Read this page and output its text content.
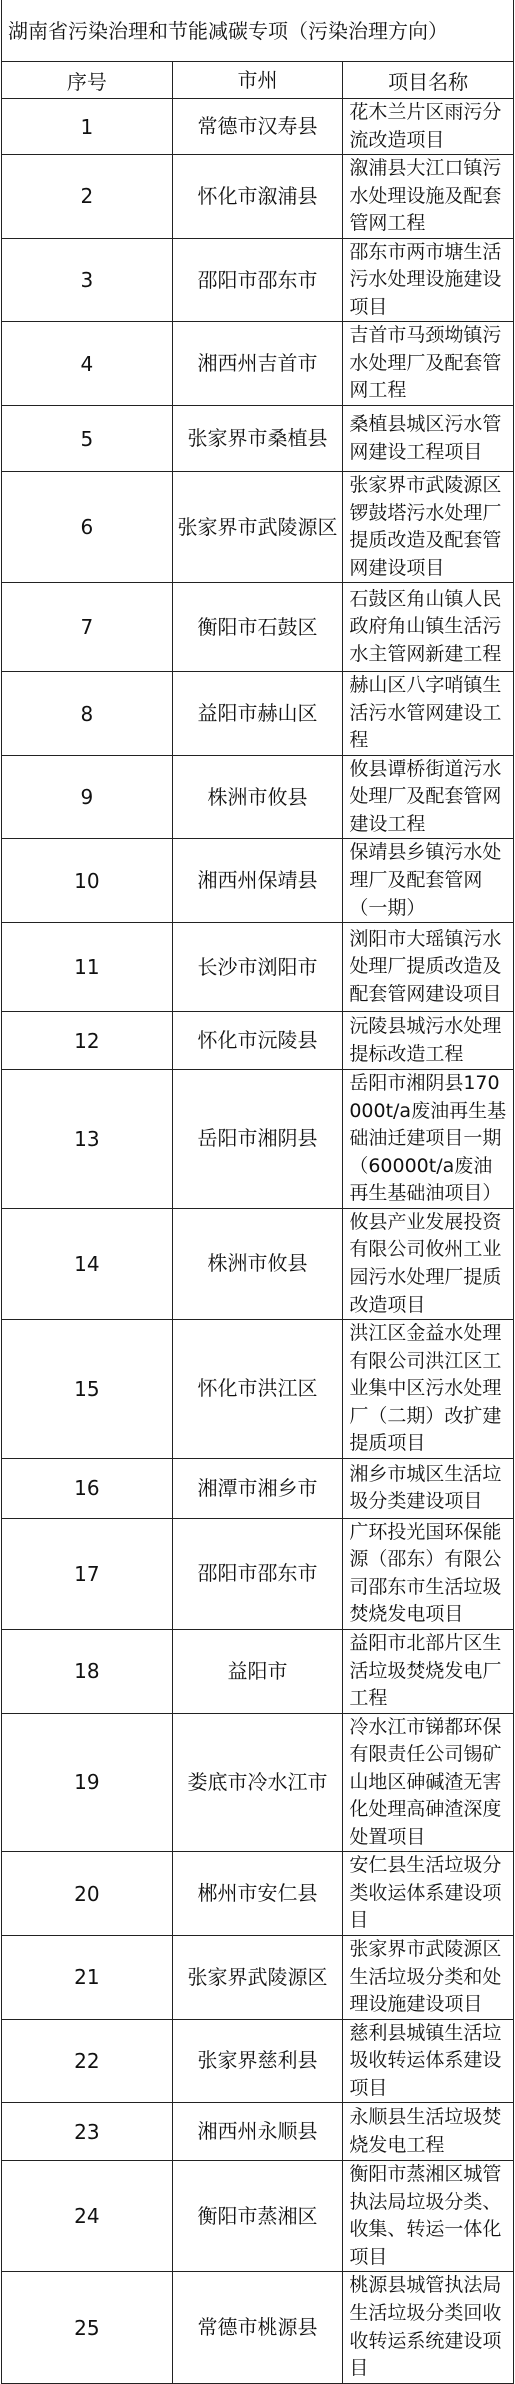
湖南省污染治理和节能减碳专项（污染治理方向）		
序号	市州	项目名称
1	常德市汉寿县	花木兰片区雨污分流改造项目
2	怀化市溆浦县	溆浦县大江口镇污水处理设施及配套管网工程
3	邵阳市邵东市	邵东市两市塘生活污水处理设施建设项目
4	湘西州吉首市	吉首市马颈坳镇污水处理厂及配套管网工程
5	张家界市桑植县	桑植县城区污水管网建设工程项目
6	张家界市武陵源区	张家界市武陵源区锣鼓塔污水处理厂提质改造及配套管网建设项目
7	衡阳市石鼓区	石鼓区角山镇人民政府角山镇生活污水主管网新建工程
8	益阳市赫山区	赫山区八字哨镇生活污水管网建设工程
9	株洲市攸县	攸县谭桥街道污水处理厂及配套管网建设工程
10	湘西州保靖县	保靖县乡镇污水处理厂及配套管网（一期）
11	长沙市浏阳市	浏阳市大瑶镇污水处理厂提质改造及配套管网建设项目
12	怀化市沅陵县	沅陵县城污水处理提标改造工程
13	岳阳市湘阴县	岳阳市湘阴县170000t/a废油再生基础油迁建项目一期（60000t/a废油再生基础油项目）
14	株洲市攸县	攸县产业发展投资有限公司攸州工业园污水处理厂提质改造项目
15	怀化市洪江区	洪江区金益水处理有限公司洪江区工业集中区污水处理厂（二期）改扩建提质项目
16	湘潭市湘乡市	湘乡市城区生活垃圾分类建设项目
17	邵阳市邵东市	广环投光国环保能源（邵东）有限公司邵东市生活垃圾焚烧发电项目
18	益阳市	益阳市北部片区生活垃圾焚烧发电厂工程
19	娄底市冷水江市	冷水江市锑都环保有限责任公司锡矿山地区砷碱渣无害化处理高砷渣深度处置项目
20	郴州市安仁县	安仁县生活垃圾分类收运体系建设项目
21	张家界武陵源区	张家界市武陵源区生活垃圾分类和处理设施建设项目
22	张家界慈利县	慈利县城镇生活垃圾收转运体系建设项目
23	湘西州永顺县	永顺县生活垃圾焚烧发电工程
24	衡阳市蒸湘区	衡阳市蒸湘区城管执法局垃圾分类、收集、转运一体化项目
25	常德市桃源县	桃源县城管执法局生活垃圾分类回收收转运系统建设项目
